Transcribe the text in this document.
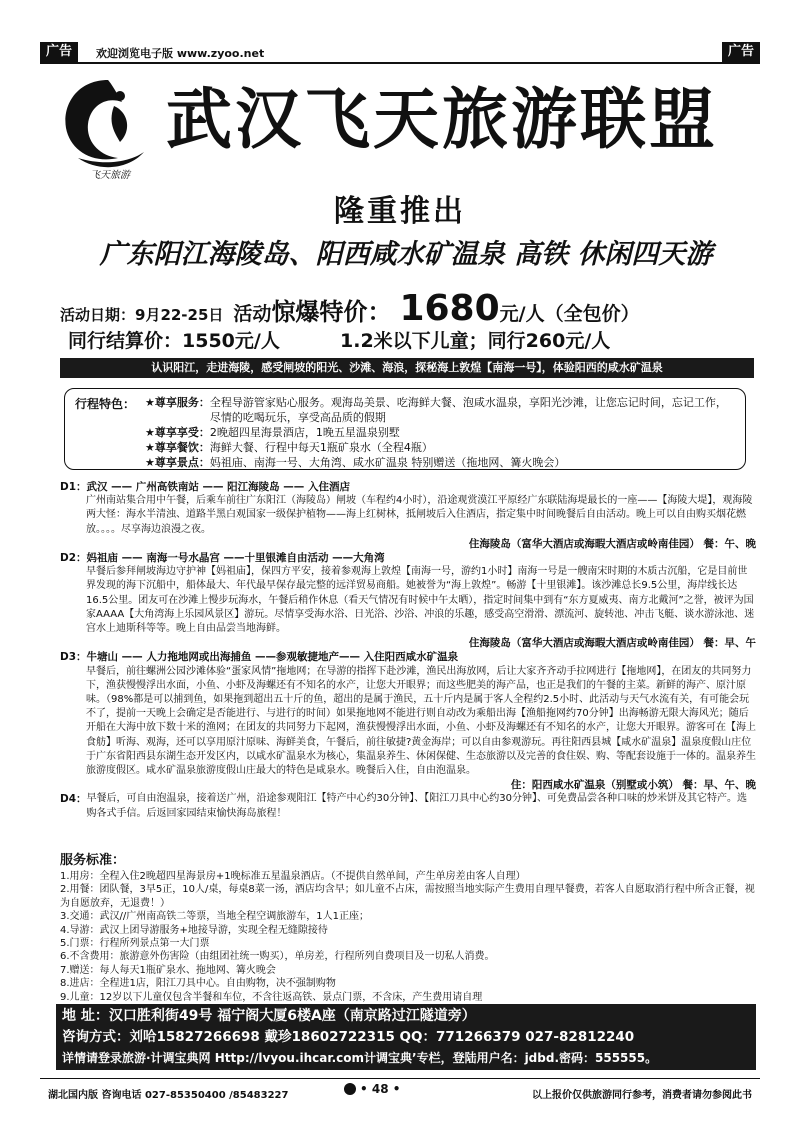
广告	欢迎浏览电子版 www.zyoo.net	广告
飞天旅游
武汉飞天旅游联盟
隆重推出
广东阳江海陵岛、阳西咸水矿温泉 高铁 休闲四天游
活动日期：9月22-25日 活动 惊爆特价 ： 1680 元/人（全包价）
同行结算价：1550元/人	1.2米以下儿童；同行260元/人
认识阳江，走进海陵，感受闸坡的阳光、沙滩、海浪，探秘海上敦煌【南海一号】，体验阳西的咸水矿温泉
行程特色： ★尊享服务： 全程导游管家贴心服务。观海岛美景、吃海鲜大餐、泡咸水温泉，享阳光沙滩，让您忘记时间，忘记工作，尽情的吃喝玩乐，享受高品质的假期
★尊享享受： 2晚超四星海景酒店，1晚五星温泉别墅
★尊享餐饮： 海鲜大餐、行程中每天1瓶矿泉水（全程4瓶）
★尊享景点： 妈祖庙、南海一号、大角湾、咸水矿温泉 特别赠送（拖地网、篝火晚会）
D1：武汉 —— 广州高铁南站 —— 阳江海陵岛 —— 入住酒店
广州南站集合用中午餐，后乘车前往广东阳江（海陵岛）闸坡（车程约4小时），沿途观赏漠江平原经广东联陆海堤最长的一座——【海陵大堤】，观海陵两大怪：海水半清浊、道路半黑白观国家一级保护植物——海上红树林，抵闸坡后入住酒店，指定集中时间晚餐后自由活动。晚上可以自由购买烟花燃放。。。。尽享海边浪漫之夜。
住海陵岛（富华大酒店或海暇大酒店或岭南佳园） 餐：午、晚
D2：妈祖庙 —— 南海一号水晶宫 ——十里银滩自由活动 ——大角湾
早餐后参拜闸坡海边守护神【妈祖庙】，保四方平安，接着参观海上敦煌【南海一号，游约1小时】南海一号是一艘南宋时期的木质古沉船，它是目前世界发现的海下沉船中，船体最大、年代最早保存最完整的远洋贸易商船。她被誉为“海上敦煌”。畅游【十里银滩】。该沙滩总长9.5公里，海岸线长达16.5公里。团友可在沙滩上慢步玩海水，午餐后稍作休息（看天气情况有时候中午太晒），指定时间集中到有“东方夏威夷、南方北戴河”之誉，被评为国家AAAA【大角湾海上乐园风景区】游玩。尽情享受海水浴、日光浴、沙浴、冲浪的乐趣，感受高空滑滑、漂流河、旋转池、冲击飞艇、谈水游泳池、迷宫水上迪斯科等等。晚上自由品尝当地海鲜。
住海陵岛（富华大酒店或海暇大酒店或岭南佳园） 餐：早、午
D3：牛塘山 —— 人力拖地网或出海捕鱼 ——参观敏捷地产—— 入住阳西咸水矿温泉
早餐后，前往螺洲公园沙滩体验“蛋家风情”拖地网；在导游的指挥下赴沙滩，渔民出海放网，后让大家齐齐动手拉网进行【拖地网】，在团友的共同努力下，渔获慢慢浮出水面，小鱼、小虾及海螺还有不知名的水产，让您大开眼界；而这些肥美的海产品，也正是我们的午餐的主菜。新鲜的海产、原汁原味。（98%都是可以捕到鱼，如果拖到超出五十斤的鱼，超出的是属于渔民，五十斤内是属于客人全程约2.5小时、此活动与天气水流有关，有可能会玩不了，提前一天晚上会确定是否能进行、与进行的时间）如果拖地网不能进行则自动改为乘船出海【渔船拖网约70分钟】出海畅游无限大海风光；随后开船在大海中放下数十米的渔网；在团友的共同努力下起网，渔获慢慢浮出水面，小鱼、小虾及海螺还有不知名的水产，让您大开眼界。游客可在【海上食舫】听海、观海，还可以享用原汁原味、海鲜美食，午餐后，前往敏捷?黄金海岸；可以自由参观游玩。再往阳西县城【咸水矿温泉】温泉度假山庄位于广东省阳西县东湖生态开发区内，以咸水矿温泉水为核心，集温泉养生、休闲保健、生态旅游以及完善的食住娱、购、等配套设施于一体的。温泉养生旅游度假区。咸水矿温泉旅游度假山庄最大的特色是咸泉水。晚餐后入住，自由泡温泉。
住：阳西咸水矿温泉（别墅或小筑） 餐：早、午、晚
D4： 早餐后，可自由泡温泉，接着送广州，沿途参观阳江【特产中心约30分钟】、【阳江刀具中心约30分钟】、可免费品尝各种口味的炒米饼及其它特产。选购各式手信。后返回家园结束愉快海岛旅程！
服务标准：
1.用房：全程入住2晚超四星海景房+1晚标准五星温泉酒店。（不提供自然单间，产生单房差由客人自理）
2.用餐：团队餐，3早5正，10人/桌，每桌8菜一汤，酒店均含早；如儿童不占床，需按照当地实际产生费用自理早餐费，若客人自愿取消行程中所含正餐，视为自愿放弃，无退费！）
3.交通：武汉//广州南高铁二等票，当地全程空调旅游车，1人1正座；
4.导游：武汉上团导游服务+地接导游，实现全程无缝隙接待
5.门票：行程所列景点第一大门票
6.不含费用：旅游意外伤害险（由组团社统一购买），单房差，行程所列自费项目及一切私人消费。
7.赠送：每人每天1瓶矿泉水、拖地网、篝火晚会
8.进店：全程进1店，阳江刀具中心。自由购物，决不强制购物
9.儿童：12岁以下儿童仅包含半餐和车位，不含往返高铁、景点门票，不含床，产生费用请自理
地 址：汉口胜利街49号 福宁阁大厦6楼A座（南京路过江隧道旁）
咨询方式：刘哈15827266698 戴珍18602722315 QQ：771266379 027-82812240
详情请登录旅游·计调宝典网 Http://lvyou.ihcar.com计调宝典’专栏，登陆用户名：jdbd.密码：555555。
湖北国内版 咨询电话 027-85350400 /85483227	• 48 •	以上报价仅供旅游同行参考，消费者请勿参阅此书
